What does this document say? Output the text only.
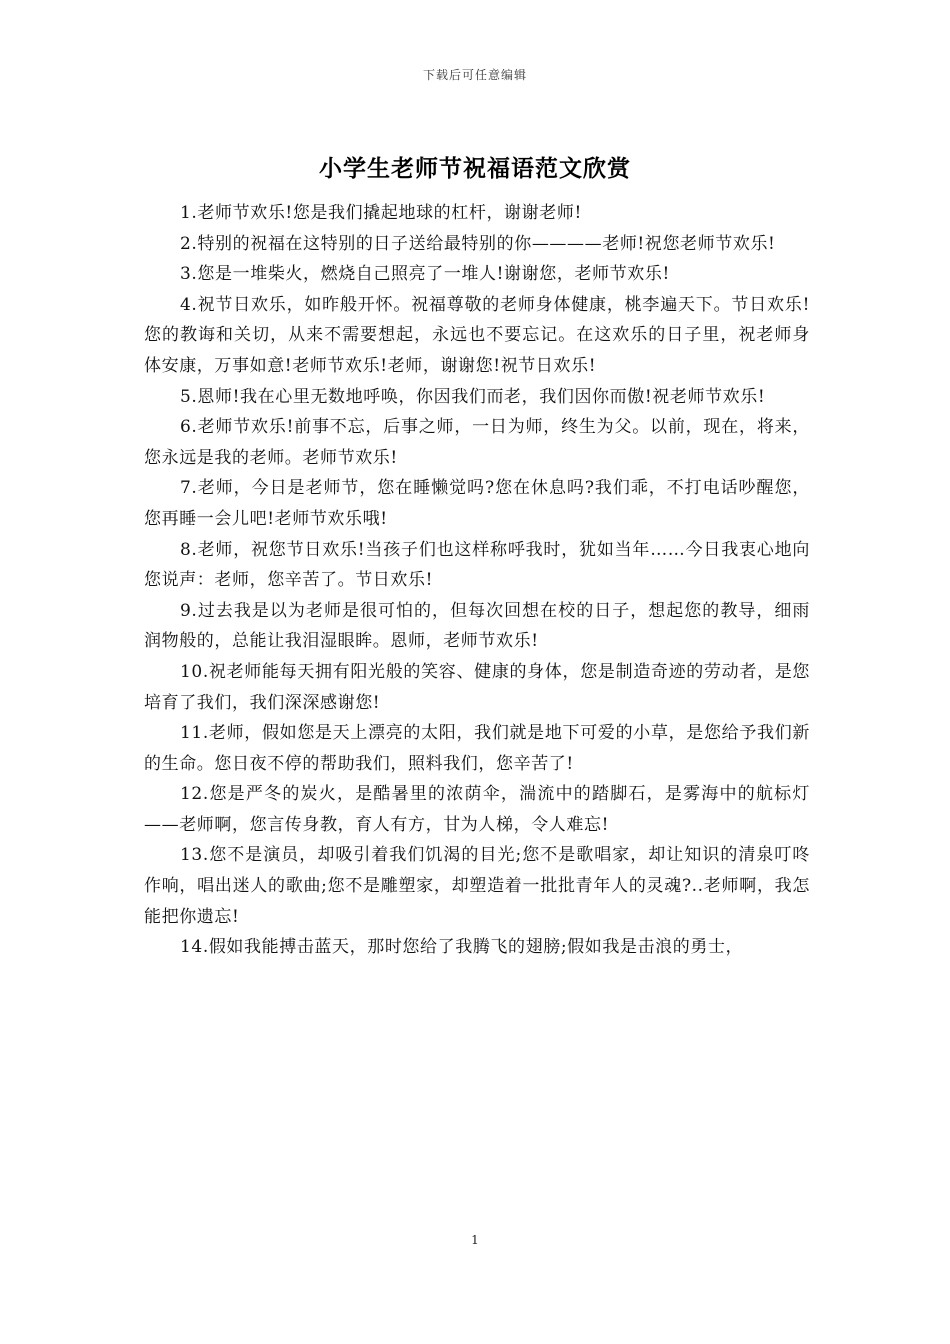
下载后可任意编辑
小学生老师节祝福语范文欣赏

1.老师节欢乐!您是我们撬起地球的杠杆，谢谢老师!

2.特别的祝福在这特别的日子送给最特别的你————老师!祝您老师节欢乐!

3.您是一堆柴火，燃烧自己照亮了一堆人!谢谢您，老师节欢乐!

4.祝节日欢乐，如昨般开怀。祝福尊敬的老师身体健康，桃李遍天下。节日欢乐!您的教诲和关切，从来不需要想起，永远也不要忘记。在这欢乐的日子里，祝老师身体安康，万事如意!老师节欢乐!老师，谢谢您!祝节日欢乐!

5.恩师!我在心里无数地呼唤，你因我们而老，我们因你而傲!祝老师节欢乐!

6.老师节欢乐!前事不忘，后事之师，一日为师，终生为父。以前，现在，将来，您永远是我的老师。老师节欢乐!

7.老师，今日是老师节，您在睡懒觉吗?您在休息吗?我们乖，不打电话吵醒您，您再睡一会儿吧!老师节欢乐哦!

8.老师，祝您节日欢乐!当孩子们也这样称呼我时，犹如当年……今日我衷心地向您说声：老师，您辛苦了。节日欢乐!

9.过去我是以为老师是很可怕的，但每次回想在校的日子，想起您的教导，细雨润物般的，总能让我泪湿眼眸。恩师，老师节欢乐!

10.祝老师能每天拥有阳光般的笑容、健康的身体，您是制造奇迹的劳动者，是您培育了我们，我们深深感谢您!

11.老师，假如您是天上漂亮的太阳，我们就是地下可爱的小草，是您给予我们新的生命。您日夜不停的帮助我们，照料我们，您辛苦了!

12.您是严冬的炭火，是酷暑里的浓荫伞，湍流中的踏脚石，是雾海中的航标灯——老师啊，您言传身教，育人有方，甘为人梯，令人难忘!

13.您不是演员，却吸引着我们饥渴的目光;您不是歌唱家，却让知识的清泉叮咚作响，唱出迷人的歌曲;您不是雕塑家，却塑造着一批批青年人的灵魂?..老师啊，我怎能把你遗忘!

14.假如我能搏击蓝天，那时您给了我腾飞的翅膀;假如我是击浪的勇士，

1
